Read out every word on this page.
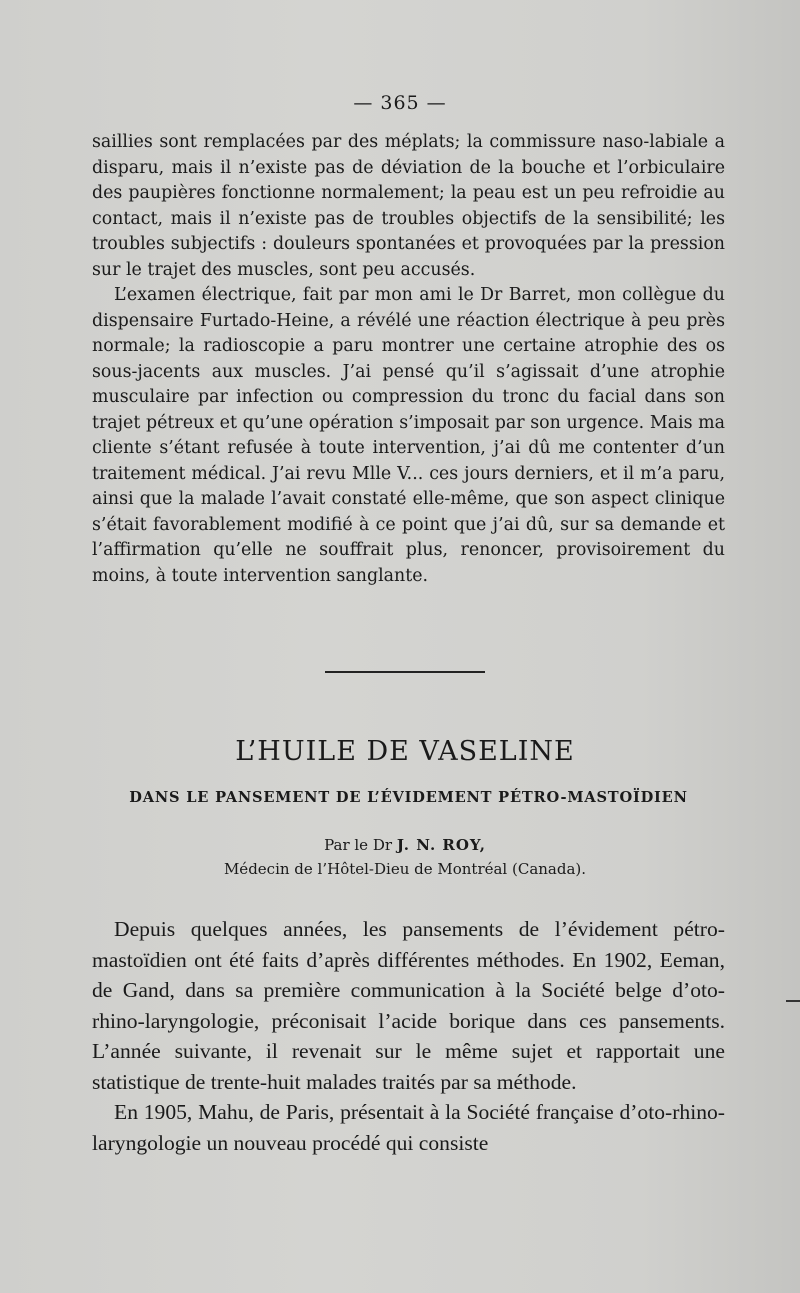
— 365 —

saillies sont remplacées par des méplats; la commissure naso-labiale a disparu, mais il n’existe pas de déviation de la bouche et l’orbiculaire des paupières fonctionne normalement; la peau est un peu refroidie au contact, mais il n’existe pas de troubles objectifs de la sensibilité; les troubles subjectifs : douleurs spontanées et provoquées par la pression sur le trajet des muscles, sont peu accusés.

L’examen électrique, fait par mon ami le Dr Barret, mon collègue du dispensaire Furtado-Heine, a révélé une réaction électrique à peu près normale; la radioscopie a paru montrer une certaine atrophie des os sous-jacents aux muscles. J’ai pensé qu’il s’agissait d’une atrophie musculaire par infection ou compression du tronc du facial dans son trajet pétreux et qu’une opération s’imposait par son urgence. Mais ma cliente s’étant refusée à toute intervention, j’ai dû me contenter d’un traitement médical. J’ai revu Mlle V... ces jours derniers, et il m’a paru, ainsi que la malade l’avait constaté elle-même, que son aspect clinique s’était favorablement modifié à ce point que j’ai dû, sur sa demande et l’affirmation qu’elle ne souffrait plus, renoncer, provisoirement du moins, à toute intervention sanglante.

L’HUILE DE VASELINE
DANS LE PANSEMENT DE L’ÉVIDEMENT PÉTRO-MASTOÏDIEN
Par le Dr J. N. ROY,
Médecin de l’Hôtel-Dieu de Montréal (Canada).

Depuis quelques années, les pansements de l’évidement pétro-mastoïdien ont été faits d’après différentes méthodes. En 1902, Eeman, de Gand, dans sa première communication à la Société belge d’oto-rhino-laryngologie, préconisait l’acide borique dans ces pansements. L’année suivante, il revenait sur le même sujet et rapportait une statistique de trente-huit malades traités par sa méthode.

En 1905, Mahu, de Paris, présentait à la Société française d’oto-rhino-laryngologie un nouveau procédé qui consiste
